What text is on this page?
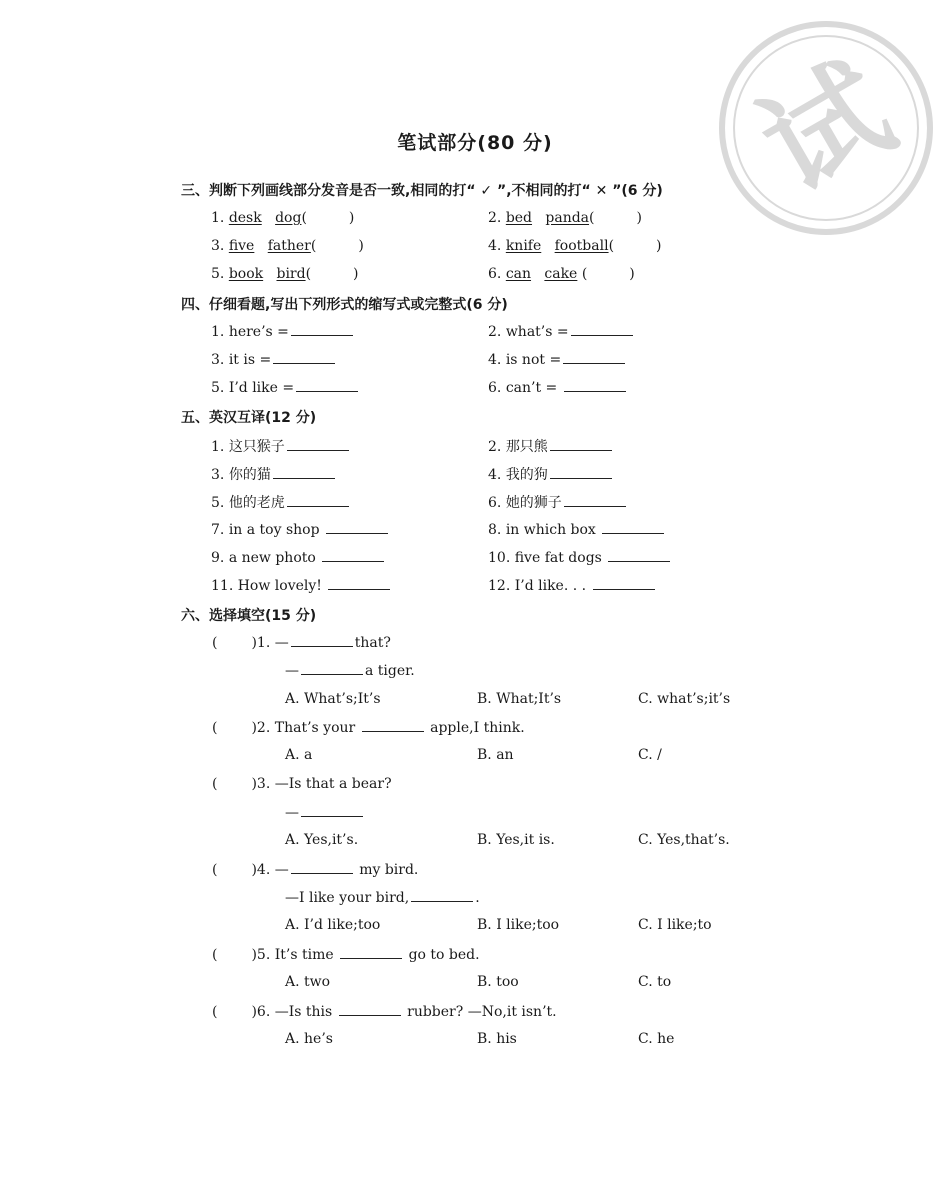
试
笔试部分(80 分)
三、判断下列画线部分发音是否一致,相同的打“ ✓ ”,不相同的打“ ✕ ”(6 分)
1. desk dog(	)	2. bed panda(	)
3. five father(	)	4. knife football(	)
5. book bird(	)	6. can cake (	)
四、仔细看题,写出下列形式的缩写式或完整式(6 分)
1. here’s =	2. what’s =
3. it is =	4. is not =
5. I’d like =	6. can’t =
五、英汉互译(12 分)
1. 这只猴子	2. 那只熊
3. 你的猫	4. 我的狗
5. 他的老虎	6. 她的狮子
7. in a toy shop	8. in which box
9. a new photo	10. five fat dogs
11. How lovely!	12. I’d like. . .
六、选择填空(15 分)
( )1. —	that?
—	a tiger.
A. What’s;It’s	B. What;It’s	C. what’s;it’s
( )2. That’s your	apple,I think.
A. a	B. an	C. /
( )3. —Is that a bear?
—
A. Yes,it’s.	B. Yes,it is.	C. Yes,that’s.
( )4. —	my bird.
—I like your bird,	.
A. I’d like;too	B. I like;too	C. I like;to
( )5. It’s time	go to bed.
A. two	B. too	C. to
( )6. —Is this	rubber? —No,it isn’t.
A. he’s	B. his	C. he
